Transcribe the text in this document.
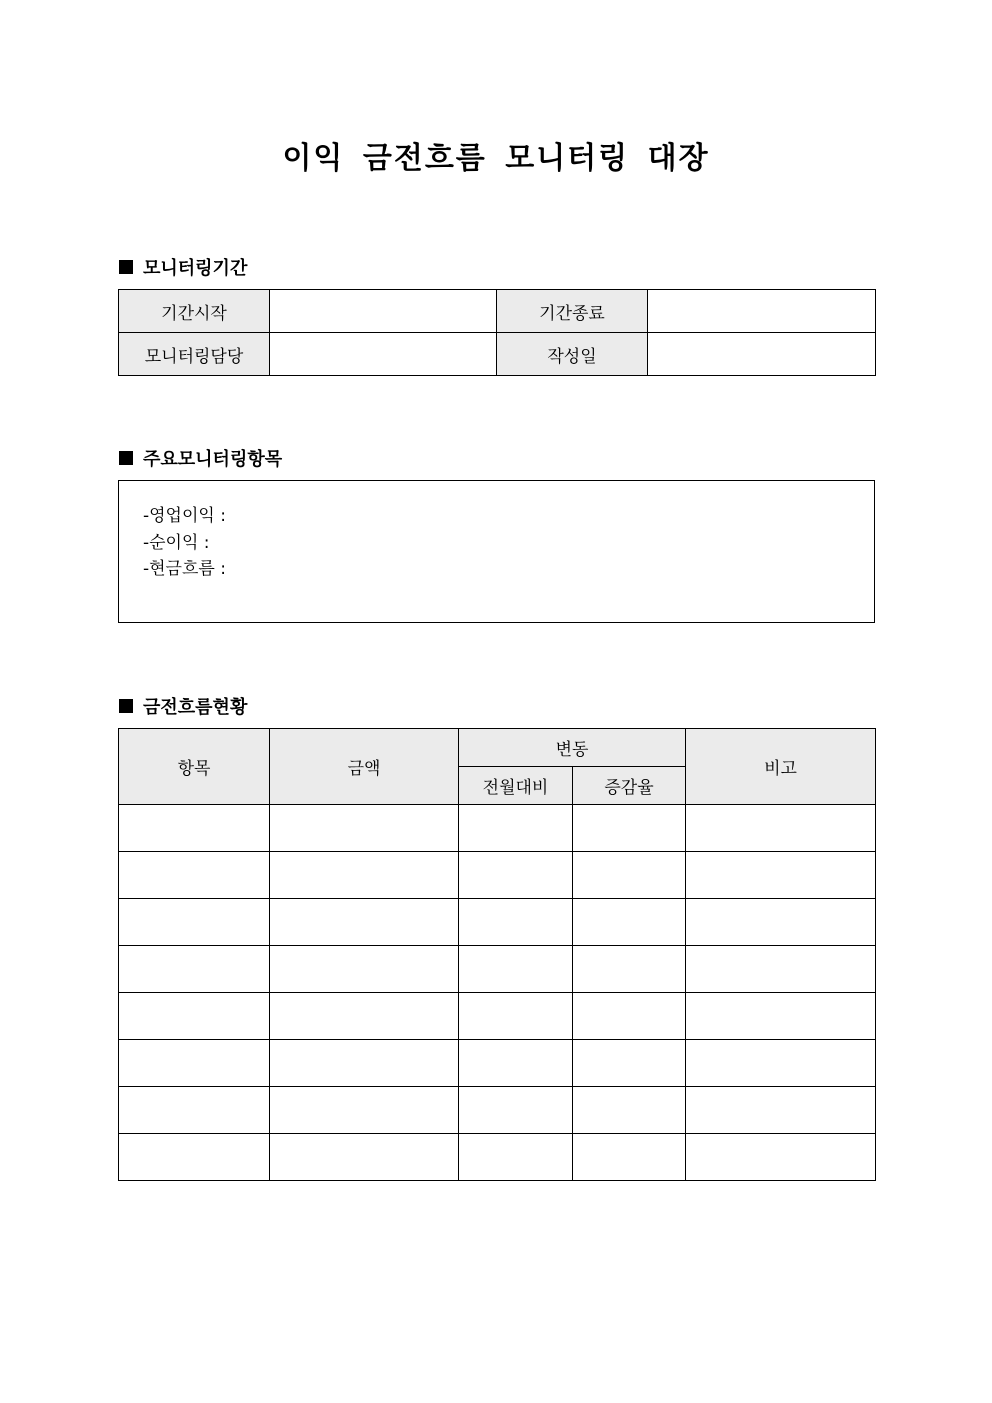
이익 금전흐름 모니터링 대장
모니터링기간
기간시작		기간종료	
모니터링담당		작성일	
주요모니터링항목
-영업이익 :
-순이익 :
-현금흐름 :
금전흐름현황
항목	금액	변동		비고
		전월대비	증감율	
